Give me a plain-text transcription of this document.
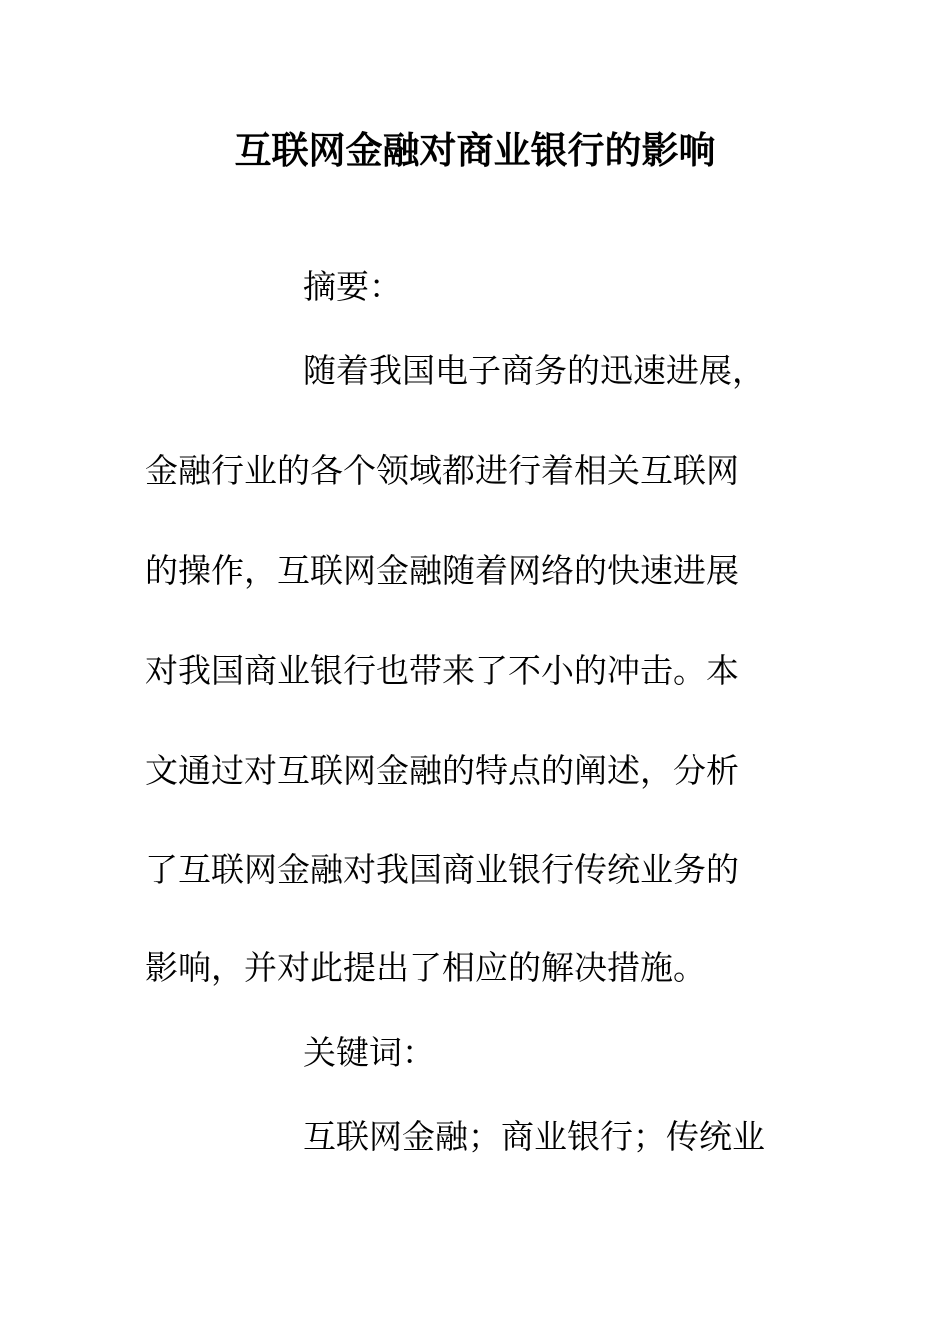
互联网金融对商业银行的影响
摘要：
随着我国电子商务的迅速进展，
金融行业的各个领域都进行着相关互联网
的操作，互联网金融随着网络的快速进展
对我国商业银行也带来了不小的冲击。本
文通过对互联网金融的特点的阐述，分析
了互联网金融对我国商业银行传统业务的
影响，并对此提出了相应的解决措施。
关键词：
互联网金融；商业银行；传统业
